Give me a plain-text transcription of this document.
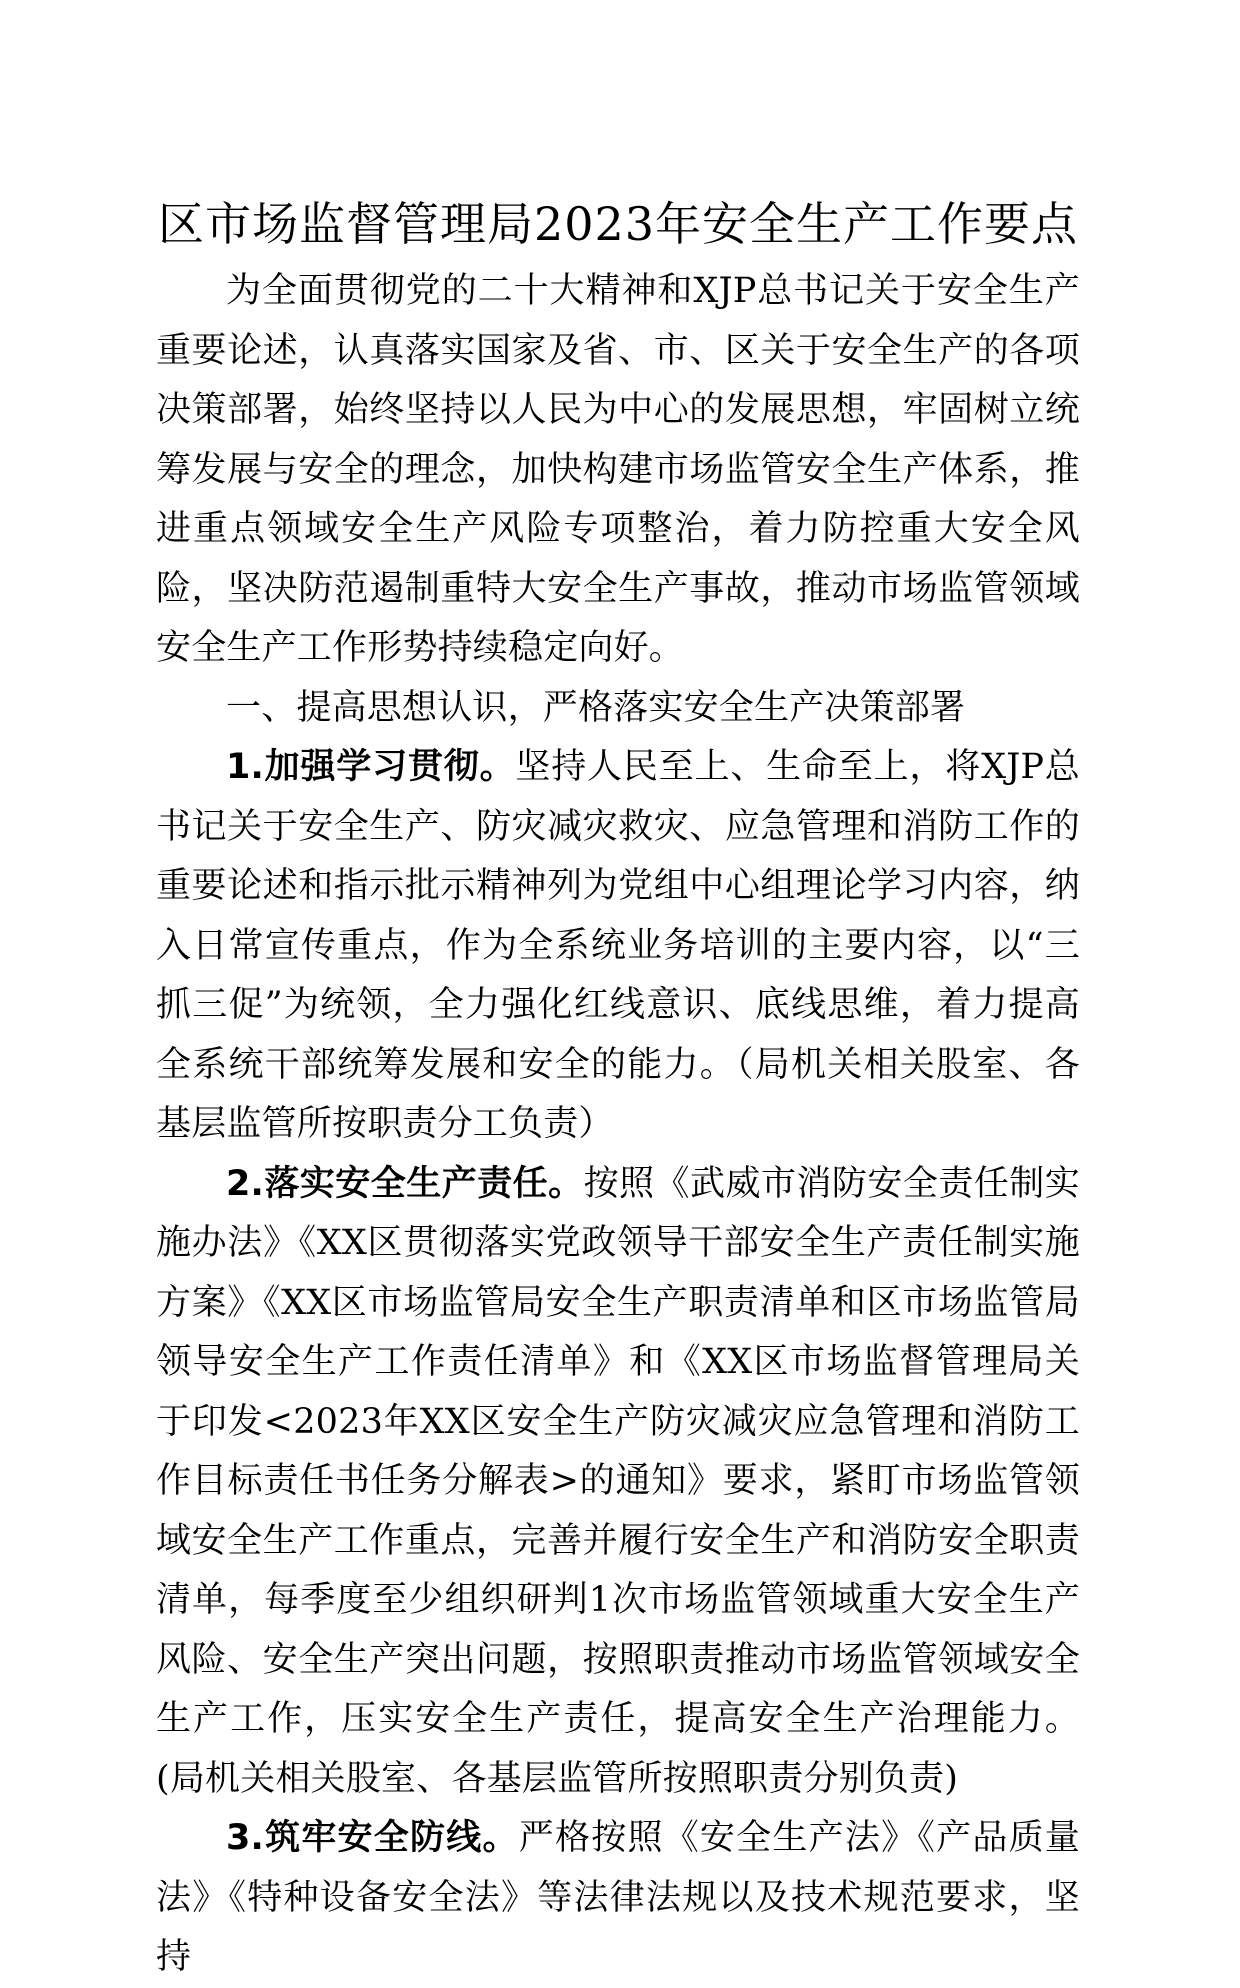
区市场监督管理局2023年安全生产工作要点

为全面贯彻党的二十大精神和XJP总书记关于安全生产重要论述，认真落实国家及省、市、区关于安全生产的各项决策部署，始终坚持以人民为中心的发展思想，牢固树立统筹发展与安全的理念，加快构建市场监管安全生产体系，推进重点领域安全生产风险专项整治，着力防控重大安全风险，坚决防范遏制重特大安全生产事故，推动市场监管领域安全生产工作形势持续稳定向好。

一、提高思想认识，严格落实安全生产决策部署

1.加强学习贯彻。坚持人民至上、生命至上，将XJP总书记关于安全生产、防灾减灾救灾、应急管理和消防工作的重要论述和指示批示精神列为党组中心组理论学习内容，纳入日常宣传重点，作为全系统业务培训的主要内容，以“三抓三促”为统领，全力强化红线意识、底线思维，着力提高全系统干部统筹发展和安全的能力。（局机关相关股室、各基层监管所按职责分工负责）

2.落实安全生产责任。按照《武威市消防安全责任制实施办法》《XX区贯彻落实党政领导干部安全生产责任制实施方案》《XX区市场监管局安全生产职责清单和区市场监管局领导安全生产工作责任清单》和《XX区市场监督管理局关于印发<2023年XX区安全生产防灾减灾应急管理和消防工作目标责任书任务分解表>的通知》要求，紧盯市场监管领域安全生产工作重点，完善并履行安全生产和消防安全职责清单，每季度至少组织研判1次市场监管领域重大安全生产风险、安全生产突出问题，按照职责推动市场监管领域安全生产工作，压实安全生产责任，提高安全生产治理能力。(局机关相关股室、各基层监管所按照职责分别负责)

3.筑牢安全防线。严格按照《安全生产法》《产品质量法》《特种设备安全法》等法律法规以及技术规范要求，坚持
